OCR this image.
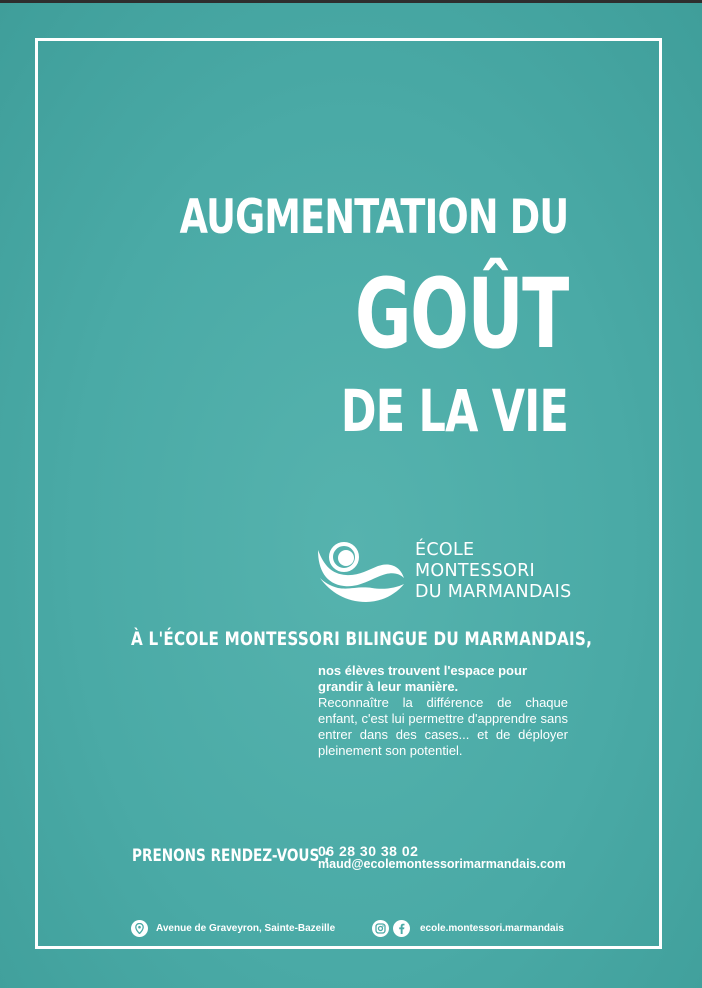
AUGMENTATION DU
GOÛT
DE LA VIE
ÉCOLE
MONTESSORI
DU MARMANDAIS
À L'ÉCOLE MONTESSORI BILINGUE DU MARMANDAIS,

nos élèves trouvent l'espace pour grandir à leur manière.

Reconnaître la différence de chaque enfant, c'est lui permettre d'apprendre sans entrer dans des cases... et de déployer pleinement son potentiel.

PRENONS RENDEZ-VOUS :
06 28 30 38 02
maud@ecolemontessorimarmandais.com
Avenue de Graveyron, Sainte-Bazeille	ecole.montessori.marmandais
